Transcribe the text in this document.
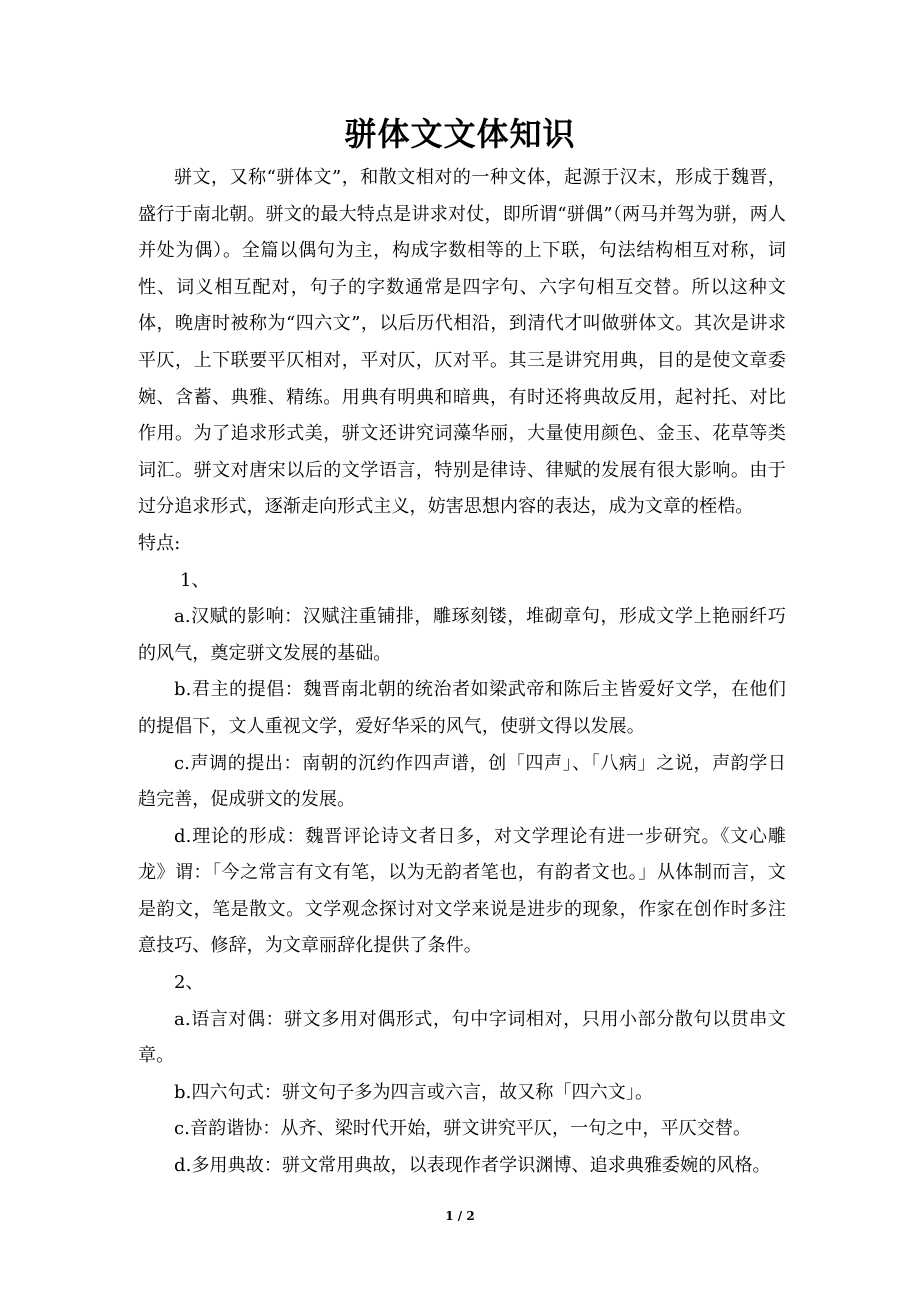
骈体文文体知识

骈文，又称“骈体文”，和散文相对的一种文体，起源于汉末，形成于魏晋，盛行于南北朝。骈文的最大特点是讲求对仗，即所谓“骈偶”（两马并驾为骈，两人并处为偶）。全篇以偶句为主，构成字数相等的上下联，句法结构相互对称，词性、词义相互配对，句子的字数通常是四字句、六字句相互交替。所以这种文体，晚唐时被称为“四六文”，以后历代相沿，到清代才叫做骈体文。其次是讲求平仄，上下联要平仄相对，平对仄，仄对平。其三是讲究用典，目的是使文章委婉、含蓄、典雅、精练。用典有明典和暗典，有时还将典故反用，起衬托、对比作用。为了追求形式美，骈文还讲究词藻华丽，大量使用颜色、金玉、花草等类词汇。骈文对唐宋以后的文学语言，特别是律诗、律赋的发展有很大影响。由于过分追求形式，逐渐走向形式主义，妨害思想内容的表达，成为文章的桎梏。

特点:

1、

a.汉赋的影响：汉赋注重铺排，雕琢刻镂，堆砌章句，形成文学上艳丽纤巧的风气，奠定骈文发展的基础。

b.君主的提倡：魏晋南北朝的统治者如梁武帝和陈后主皆爱好文学，在他们的提倡下，文人重视文学，爱好华采的风气，使骈文得以发展。

c.声调的提出：南朝的沉约作四声谱，创「四声」、「八病」之说，声韵学日趋完善，促成骈文的发展。

d.理论的形成：魏晋评论诗文者日多，对文学理论有进一步研究。《文心雕龙》谓：「今之常言有文有笔，以为无韵者笔也，有韵者文也。」从体制而言，文是韵文，笔是散文。文学观念探讨对文学来说是进步的现象，作家在创作时多注意技巧、修辞，为文章丽辞化提供了条件。

2、

a.语言对偶：骈文多用对偶形式，句中字词相对，只用小部分散句以贯串文章。

b.四六句式：骈文句子多为四言或六言，故又称「四六文」。

c.音韵谐协：从齐、梁时代开始，骈文讲究平仄，一句之中，平仄交替。

d.多用典故：骈文常用典故，以表现作者学识渊博、追求典雅委婉的风格。

1 / 2
